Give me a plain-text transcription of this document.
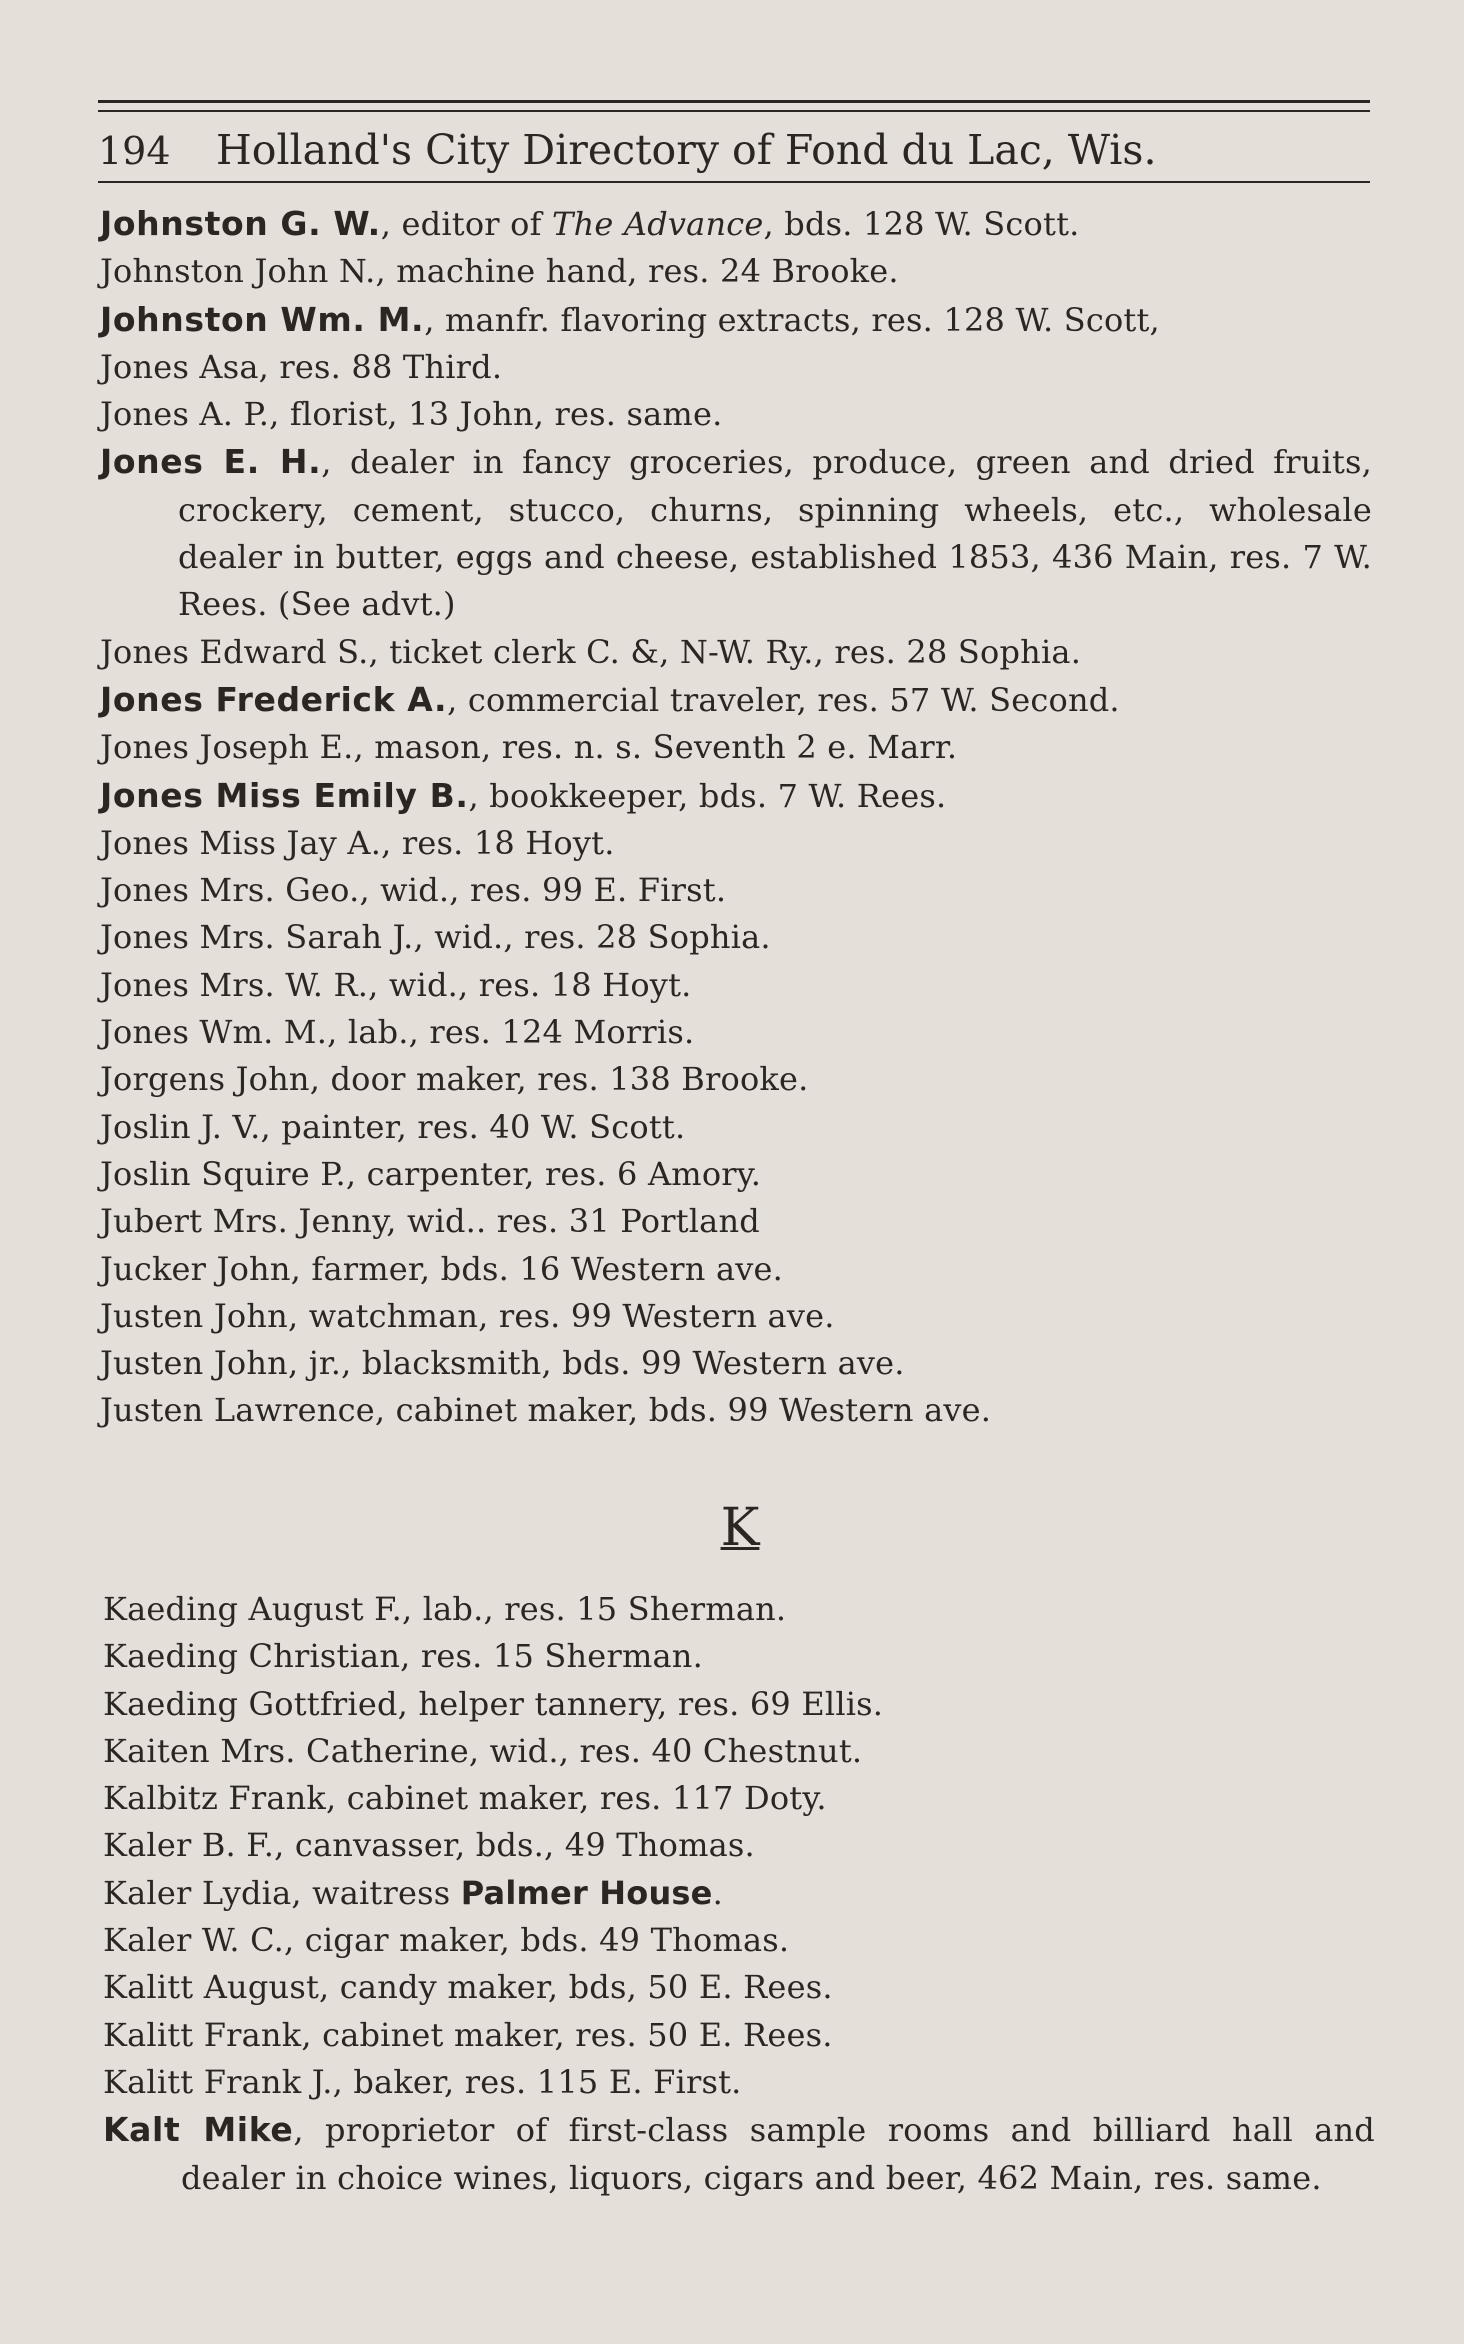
194 Holland's City Directory of Fond du Lac, Wis.
Johnston G. W., editor of The Advance, bds. 128 W. Scott.
Johnston John N., machine hand, res. 24 Brooke.
Johnston Wm. M., manfr. flavoring extracts, res. 128 W. Scott,
Jones Asa, res. 88 Third.
Jones A. P., florist, 13 John, res. same.
Jones E. H., dealer in fancy groceries, produce, green and dried fruits, crockery, cement, stucco, churns, spinning wheels, etc., wholesale dealer in butter, eggs and cheese, established 1853, 436 Main, res. 7 W. Rees. (See advt.)
Jones Edward S., ticket clerk C. &, N-W. Ry., res. 28 Sophia.
Jones Frederick A., commercial traveler, res. 57 W. Second.
Jones Joseph E., mason, res. n. s. Seventh 2 e. Marr.
Jones Miss Emily B., bookkeeper, bds. 7 W. Rees.
Jones Miss Jay A., res. 18 Hoyt.
Jones Mrs. Geo., wid., res. 99 E. First.
Jones Mrs. Sarah J., wid., res. 28 Sophia.
Jones Mrs. W. R., wid., res. 18 Hoyt.
Jones Wm. M., lab., res. 124 Morris.
Jorgens John, door maker, res. 138 Brooke.
Joslin J. V., painter, res. 40 W. Scott.
Joslin Squire P., carpenter, res. 6 Amory.
Jubert Mrs. Jenny, wid.. res. 31 Portland
Jucker John, farmer, bds. 16 Western ave.
Justen John, watchman, res. 99 Western ave.
Justen John, jr., blacksmith, bds. 99 Western ave.
Justen Lawrence, cabinet maker, bds. 99 Western ave.
K
Kaeding August F., lab., res. 15 Sherman.
Kaeding Christian, res. 15 Sherman.
Kaeding Gottfried, helper tannery, res. 69 Ellis.
Kaiten Mrs. Catherine, wid., res. 40 Chestnut.
Kalbitz Frank, cabinet maker, res. 117 Doty.
Kaler B. F., canvasser, bds., 49 Thomas.
Kaler Lydia, waitress Palmer House.
Kaler W. C., cigar maker, bds. 49 Thomas.
Kalitt August, candy maker, bds, 50 E. Rees.
Kalitt Frank, cabinet maker, res. 50 E. Rees.
Kalitt Frank J., baker, res. 115 E. First.
Kalt Mike, proprietor of first-class sample rooms and billiard hall and dealer in choice wines, liquors, cigars and beer, 462 Main, res. same.
